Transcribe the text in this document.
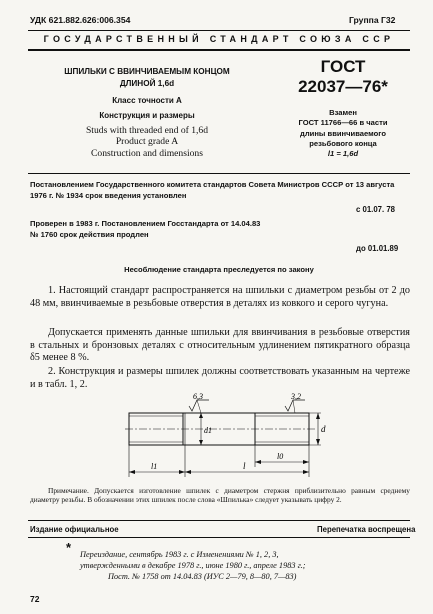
УДК 621.882.626:006.354	Группа Г32
ГОСУДАРСТВЕННЫЙ СТАНДАРТ СОЮЗА ССР
ШПИЛЬКИ С ВВИНЧИВАЕМЫМ КОНЦОМ
ДЛИНОЙ 1,6d
Класс точности А
Конструкция и размеры
Studs with threaded end of 1,6d
Product grade A
Construction and dimensions
ГОСТ
22037—76*
Взамен
ГОСТ 11766—66 в части
длины ввинчиваемого
резьбового конца
l1 = 1,6d
Постановлением Государственного комитета стандартов Совета Министров СССР от 13 августа 1976 г. № 1934 срок введения установлен
с 01.07. 78
Проверен в 1983 г. Постановлением Госстандарта от 14.04.83 № 1760 срок действия продлен
до 01.01.89
Несоблюдение стандарта преследуется по закону
1. Настоящий стандарт распространяется на шпильки с диаметром резьбы от 2 до 48 мм, ввинчиваемые в резьбовые отверстия в деталях из ковкого и серого чугуна.
Допускается применять данные шпильки для ввинчивания в резьбовые отверстия в стальных и бронзовых деталях с относительным удлинением пятикратного образца δ5 менее 8 %.
2. Конструкция и размеры шпилек должны соответствовать указанным на чертеже и в табл. 1, 2.
6,3	3,2
d1	d
l0
l1	l
Примечание. Допускается изготовление шпилек с диаметром стержня приблизительно равным среднему диаметру резьбы. В обозначении этих шпилек после слова «Шпилька» следует указывать цифру 2.
Издание официальное	Перепечатка воспрещена
* Переиздание, сентябрь 1983 г. с Изменениями № 1, 2, 3,
утвержденными в декабре 1978 г., июне 1980 г., апреле 1983 г.;
Пост. № 1758 от 14.04.83 (ИУС 2—79, 8—80, 7—83)
72
